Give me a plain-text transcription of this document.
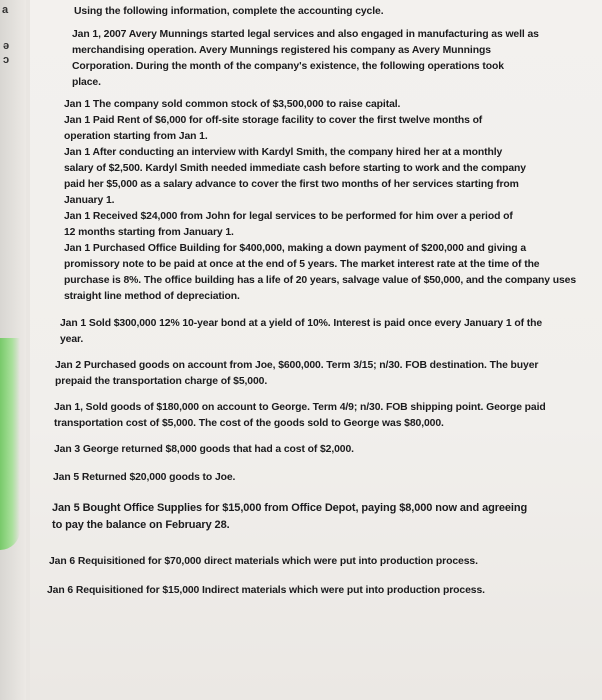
a
ə
ɔ
Using the following information, complete the accounting cycle.
Jan 1, 2007 Avery Munnings started legal services and also engaged in manufacturing as well as
merchandising operation. Avery Munnings registered his company as Avery Munnings
Corporation. During the month of the company's existence, the following operations took
place.
Jan 1 The company sold common stock of $3,500,000 to raise capital.
Jan 1 Paid Rent of $6,000 for off-site storage facility to cover the first twelve months of
operation starting from Jan 1.
Jan 1 After conducting an interview with Kardyl Smith, the company hired her at a monthly
salary of $2,500. Kardyl Smith needed immediate cash before starting to work and the company
paid her $5,000 as a salary advance to cover the first two months of her services starting from
January 1.
Jan 1 Received $24,000 from John for legal services to be performed for him over a period of
12 months starting from January 1.
Jan 1 Purchased Office Building for $400,000, making a down payment of $200,000 and giving a
promissory note to be paid at once at the end of 5 years. The market interest rate at the time of the
purchase is 8%. The office building has a life of 20 years, salvage value of $50,000, and the company uses
straight line method of depreciation.
Jan 1 Sold $300,000 12% 10-year bond at a yield of 10%. Interest is paid once every January 1 of the
year.
Jan 2 Purchased goods on account from Joe, $600,000. Term 3/15; n/30. FOB destination. The buyer
prepaid the transportation charge of $5,000.
Jan 1, Sold goods of $180,000 on account to George. Term 4/9; n/30. FOB shipping point. George paid
transportation cost of $5,000. The cost of the goods sold to George was $80,000.
Jan 3 George returned $8,000 goods that had a cost of $2,000.
Jan 5 Returned $20,000 goods to Joe.
Jan 5 Bought Office Supplies for $15,000 from Office Depot, paying $8,000 now and agreeing
to pay the balance on February 28.
Jan 6 Requisitioned for $70,000 direct materials which were put into production process.
Jan 6 Requisitioned for $15,000 Indirect materials which were put into production process.
